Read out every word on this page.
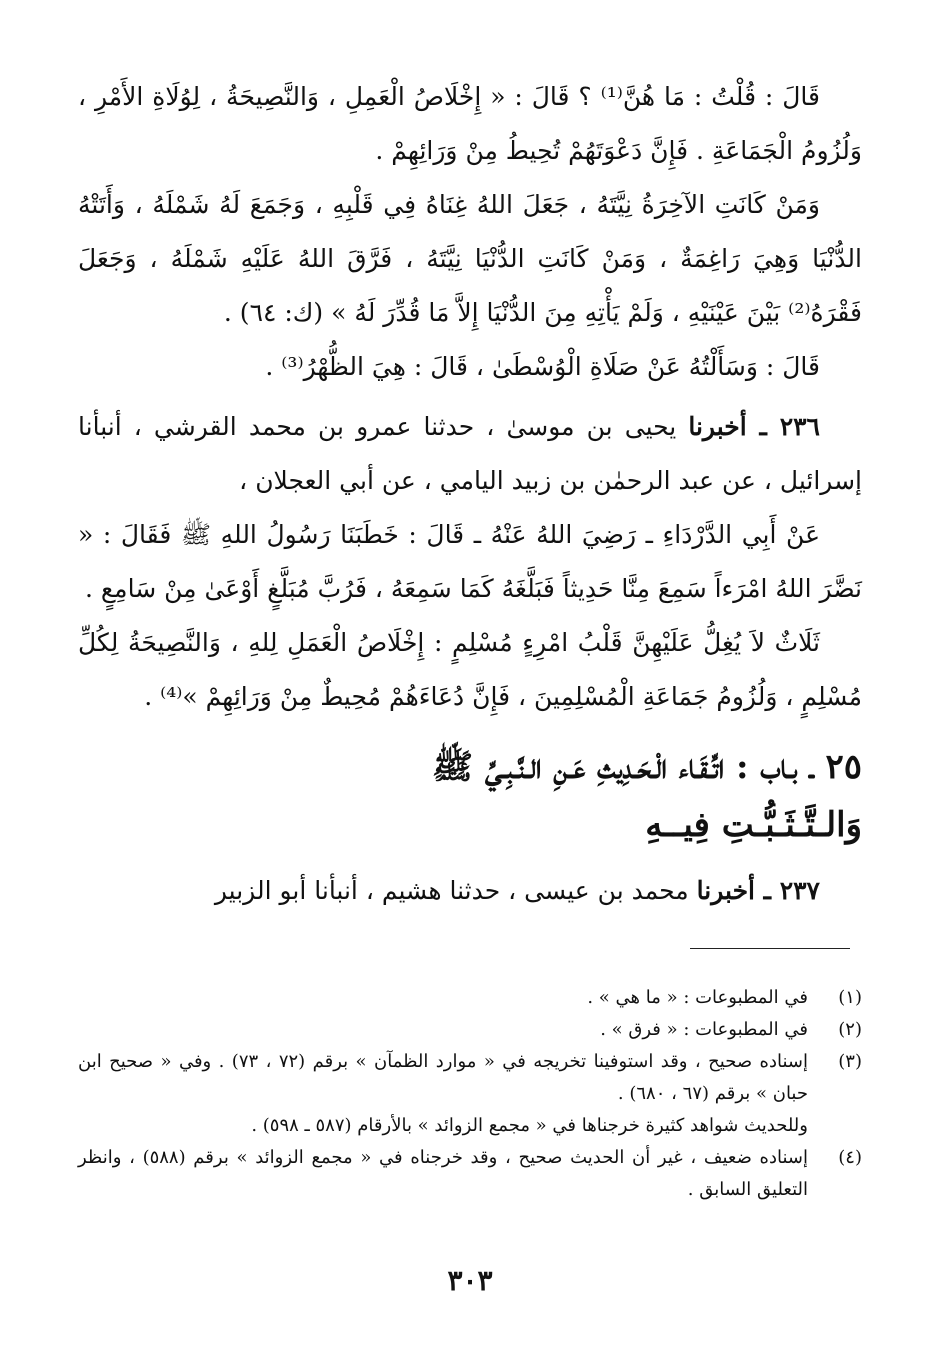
قَالَ : قُلْتُ : مَا هُنَّ⁽¹⁾ ؟ قَالَ : « إِخْلَاصُ الْعَمِلِ ، وَالنَّصِيحَةُ ، لِوُلَاةِ الأَمْرِ ، وَلُزُومُ الْجَمَاعَةِ . فَإِنَّ دَعْوَتَهُمْ تُحِيطُ مِنْ وَرَائِهِمْ .

وَمَنْ كَانَتِ الآخِرَةُ نِيَّتَهُ ، جَعَلَ اللهُ غِنَاهُ فِي قَلْبِهِ ، وَجَمَعَ لَهُ شَمْلَهُ ، وَأَتَتْهُ الدُّنْيَا وَهِيَ رَاغِمَةٌ ، وَمَنْ كَانَتِ الدُّنْيَا نِيَّتَهُ ، فَرَّقَ اللهُ عَلَيْهِ شَمْلَهُ ، وَجَعَلَ فَقْرَهُ⁽²⁾ بَيْنَ عَيْنَيْهِ ، وَلَمْ يَأْتِهِ مِنَ الدُّنْيَا إِلاَّ مَا قُدِّرَ لَهُ » (ك: ٦٤) .

قَالَ : وَسَأَلْتُهُ عَنْ صَلَاةِ الْوُسْطَىٰ ، قَالَ : هِيَ الظُّهْرُ⁽³⁾ .

٢٣٦ ـ أخبرنا يحيى بن موسىٰ ، حدثنا عمرو بن محمد القرشي ، أنبأنا إسرائيل ، عن عبد الرحمٰن بن زبيد اليامي ، عن أبي العجلان ،

عَنْ أَبِي الدَّرْدَاءِ ـ رَضِيَ اللهُ عَنْهُ ـ قَالَ : خَطَبَنَا رَسُولُ اللهِ ﷺ فَقَالَ : « نَضَّرَ اللهُ امْرَءاً سَمِعَ مِنَّا حَدِيثاً فَبَلَّغَهُ كَمَا سَمِعَهُ ، فَرُبَّ مُبَلَّغٍ أَوْعَىٰ مِنْ سَامِعٍ .

ثَلَاثٌ لاَ يُغِلُّ عَلَيْهِنَّ قَلْبُ امْرِءٍ مُسْلِمٍ : إِخْلَاصُ الْعَمَلِ لِلهِ ، وَالنَّصِيحَةُ لِكُلِّ مُسْلِمٍ ، وَلُزُومُ جَمَاعَةِ الْمُسْلِمِينَ ، فَإِنَّ دُعَاءَهُمْ مُحِيطٌ مِنْ وَرَائِهِمْ »⁽⁴⁾ .

٢٥ ـ بـاب : اتِّـقَـاء الْـحَـدِيثِ عَـنِ الـنَّـبِـيِّ ﷺ
وَالـتَّـثَـبُّـتِ فِيــهِ

٢٣٧ ـ أخبرنا محمد بن عيسى ، حدثنا هشيم ، أنبأنا أبو الزبير

(١)

في المطبوعات : « ما هي » .

(٢)

في المطبوعات : « فرق » .

(٣)

إسناده صحيح ، وقد استوفينا تخريجه في « موارد الظمآن » برقم (٧٢ ، ٧٣) . وفي « صحيح ابن حبان » برقم (٦٧ ، ٦٨٠) .

وللحديث شواهد كثيرة خرجناها في « مجمع الزوائد » بالأرقام (٥٨٧ ـ ٥٩٨) .

(٤)

إسناده ضعيف ، غير أن الحديث صحيح ، وقد خرجناه في « مجمع الزوائد » برقم (٥٨٨) ، وانظر التعليق السابق .

٣٠٣
